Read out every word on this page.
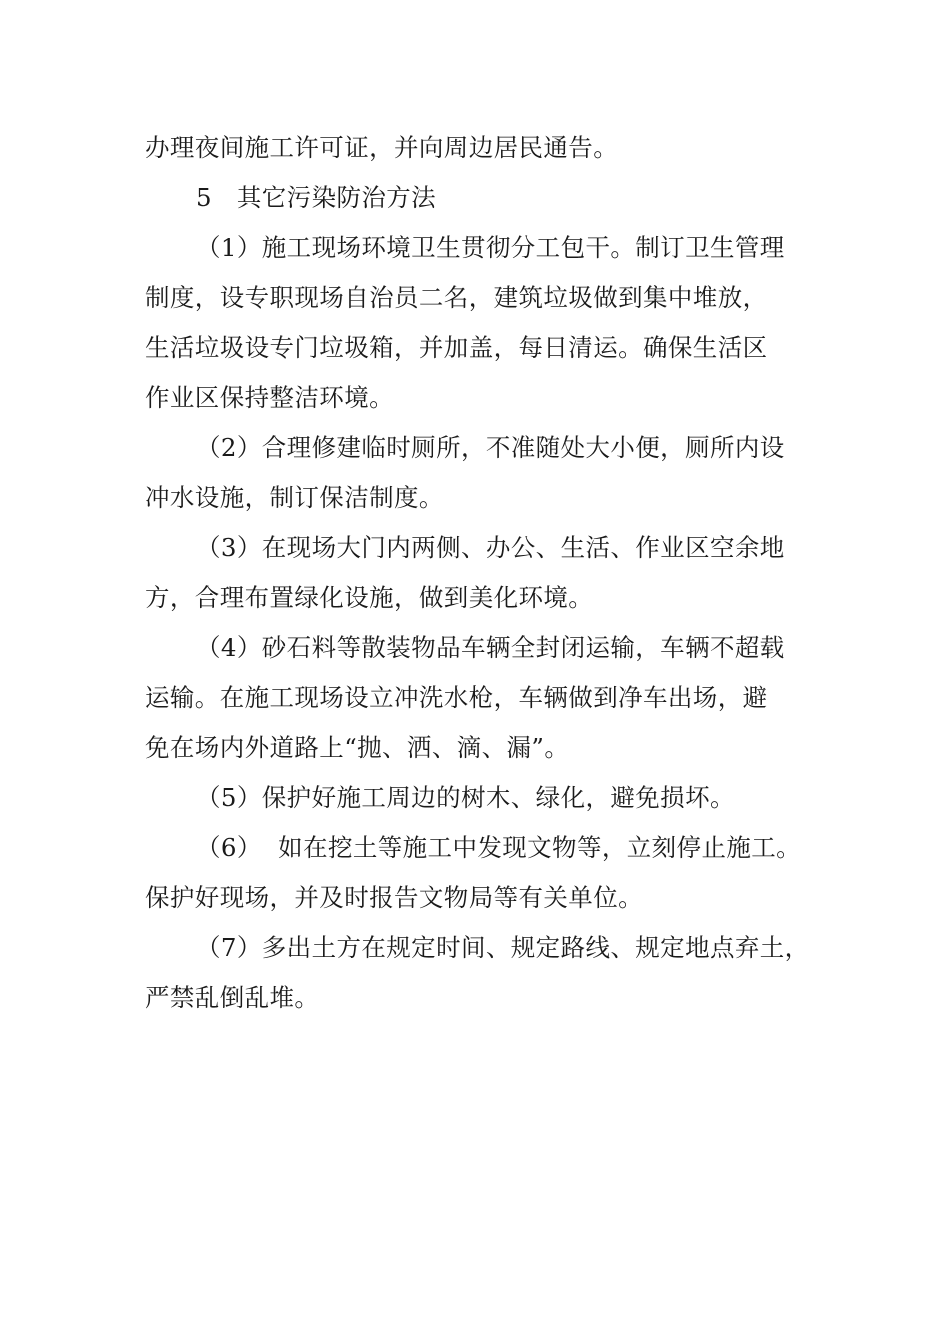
办理夜间施工许可证，并向周边居民通告。
5　其它污染防治方法
（1）施工现场环境卫生贯彻分工包干。制订卫生管理
制度，设专职现场自治员二名，建筑垃圾做到集中堆放，
生活垃圾设专门垃圾箱，并加盖，每日清运。确保生活区
作业区保持整洁环境。
（2）合理修建临时厕所，不准随处大小便，厕所内设
冲水设施，制订保洁制度。
（3）在现场大门内两侧、办公、生活、作业区空余地
方，合理布置绿化设施，做到美化环境。
（4）砂石料等散装物品车辆全封闭运输，车辆不超载
运输。在施工现场设立冲洗水枪，车辆做到净车出场，避
免在场内外道路上“抛、洒、滴、漏”。
（5）保护好施工周边的树木、绿化，避免损坏。
（6）  如在挖土等施工中发现文物等，立刻停止施工。
保护好现场，并及时报告文物局等有关单位。
（7）多出土方在规定时间、规定路线、规定地点弃土，
严禁乱倒乱堆。
